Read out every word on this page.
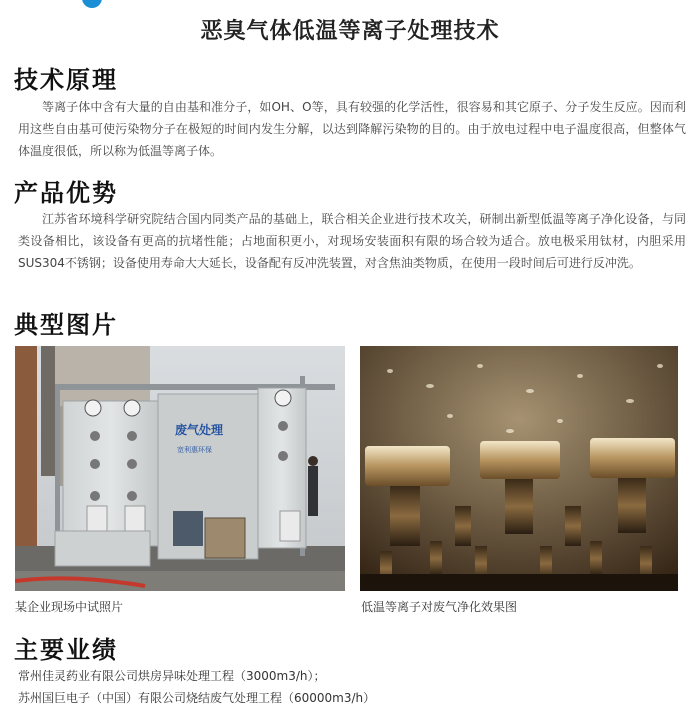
恶臭气体低温等离子处理技术
技术原理

等离子体中含有大量的自由基和准分子，如OH、O等，具有较强的化学活性，很容易和其它原子、分子发生反应。因而利用这些自由基可使污染物分子在极短的时间内发生分解，以达到降解污染物的目的。由于放电过程中电子温度很高，但整体气体温度很低，所以称为低温等离子体。

产品优势

江苏省环境科学研究院结合国内同类产品的基础上，联合相关企业进行技术攻关，研制出新型低温等离子净化设备，与同类设备相比，该设备有更高的抗堵性能；占地面积更小，对现场安装面积有限的场合较为适合。放电极采用钛材，内胆采用SUS304不锈钢；设备使用寿命大大延长，设备配有反冲洗装置，对含焦油类物质，在使用一段时间后可进行反冲洗。

典型图片
废气处理
宽利惠环保
某企业现场中试照片	低温等离子对废气净化效果图
主要业绩
常州佳灵药业有限公司烘房异味处理工程（3000m3/h）；
苏州国巨电子（中国）有限公司烧结废气处理工程（60000m3/h）
